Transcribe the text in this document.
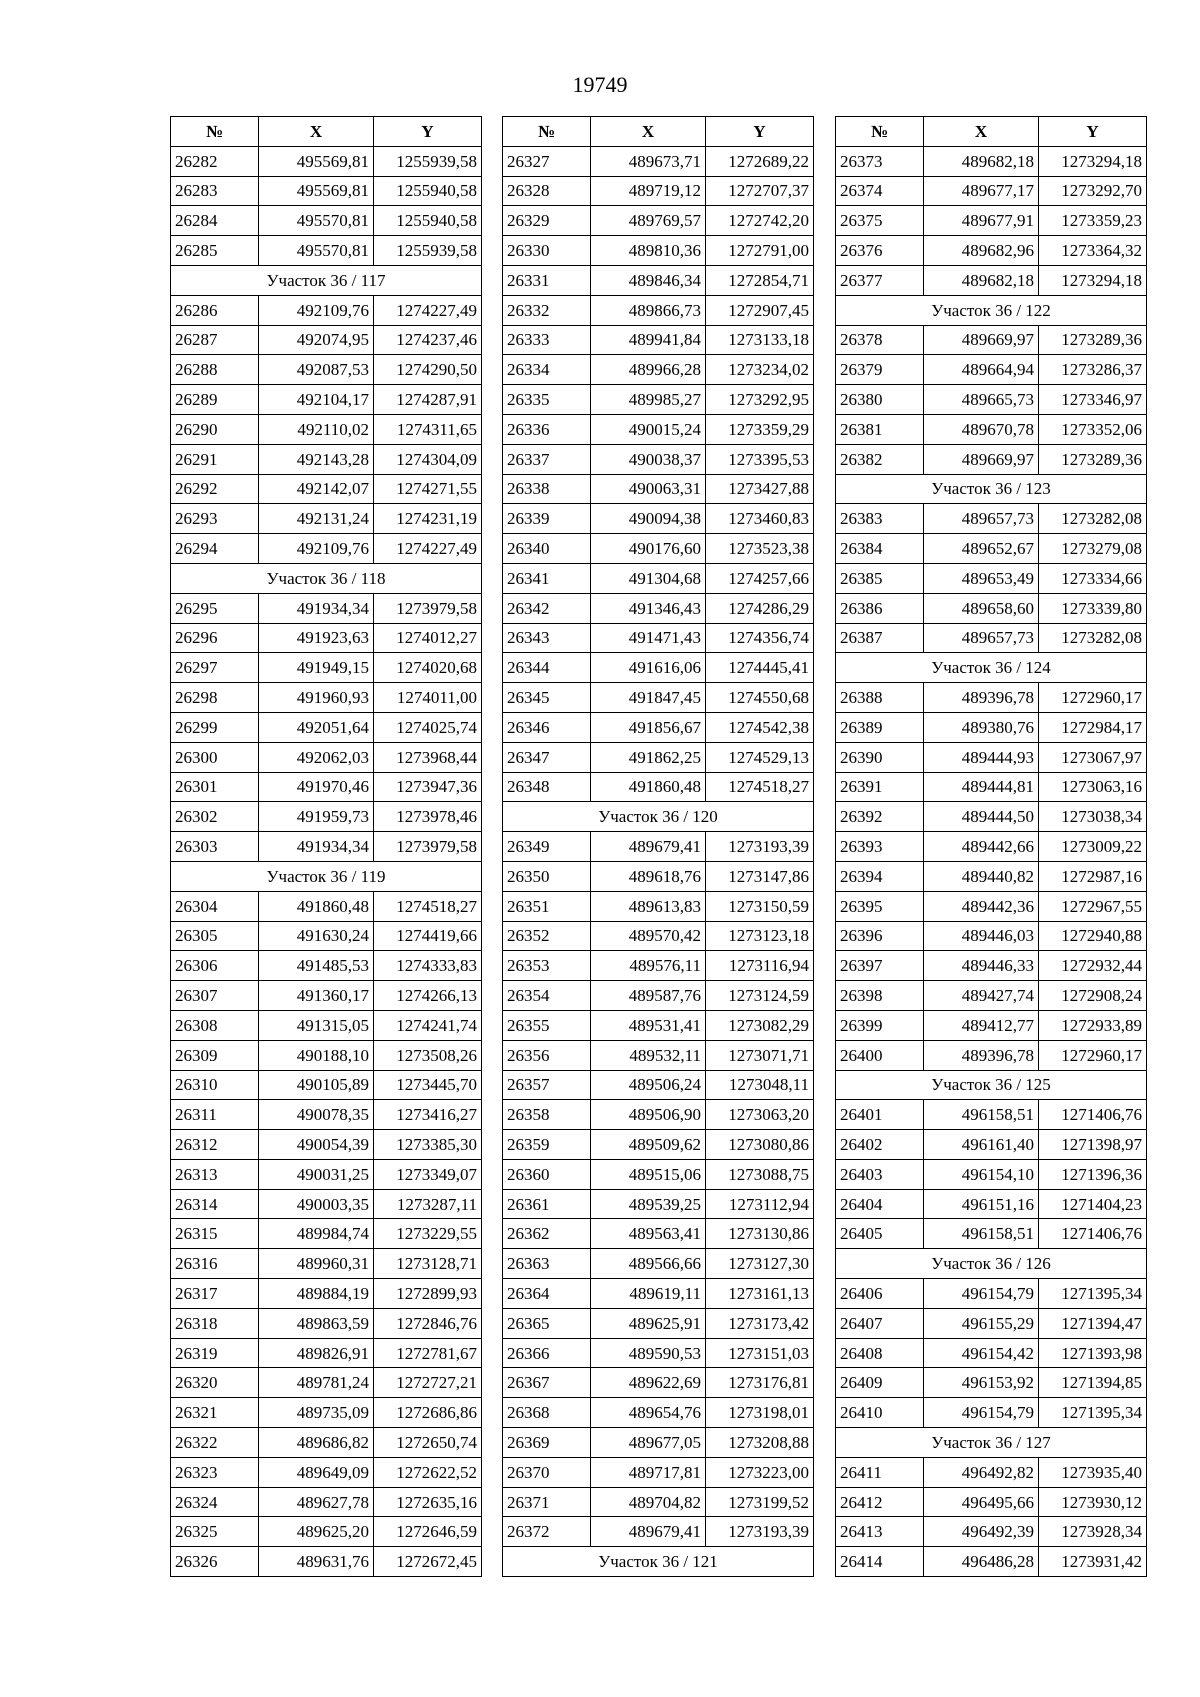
19749
№	X	Y
26282	495569,81	1255939,58
26283	495569,81	1255940,58
26284	495570,81	1255940,58
26285	495570,81	1255939,58
Участок 36 / 117		
26286	492109,76	1274227,49
26287	492074,95	1274237,46
26288	492087,53	1274290,50
26289	492104,17	1274287,91
26290	492110,02	1274311,65
26291	492143,28	1274304,09
26292	492142,07	1274271,55
26293	492131,24	1274231,19
26294	492109,76	1274227,49
Участок 36 / 118		
26295	491934,34	1273979,58
26296	491923,63	1274012,27
26297	491949,15	1274020,68
26298	491960,93	1274011,00
26299	492051,64	1274025,74
26300	492062,03	1273968,44
26301	491970,46	1273947,36
26302	491959,73	1273978,46
26303	491934,34	1273979,58
Участок 36 / 119		
26304	491860,48	1274518,27
26305	491630,24	1274419,66
26306	491485,53	1274333,83
26307	491360,17	1274266,13
26308	491315,05	1274241,74
26309	490188,10	1273508,26
26310	490105,89	1273445,70
26311	490078,35	1273416,27
26312	490054,39	1273385,30
26313	490031,25	1273349,07
26314	490003,35	1273287,11
26315	489984,74	1273229,55
26316	489960,31	1273128,71
26317	489884,19	1272899,93
26318	489863,59	1272846,76
26319	489826,91	1272781,67
26320	489781,24	1272727,21
26321	489735,09	1272686,86
26322	489686,82	1272650,74
26323	489649,09	1272622,52
26324	489627,78	1272635,16
26325	489625,20	1272646,59
26326	489631,76	1272672,45
№	X	Y
26327	489673,71	1272689,22
26328	489719,12	1272707,37
26329	489769,57	1272742,20
26330	489810,36	1272791,00
26331	489846,34	1272854,71
26332	489866,73	1272907,45
26333	489941,84	1273133,18
26334	489966,28	1273234,02
26335	489985,27	1273292,95
26336	490015,24	1273359,29
26337	490038,37	1273395,53
26338	490063,31	1273427,88
26339	490094,38	1273460,83
26340	490176,60	1273523,38
26341	491304,68	1274257,66
26342	491346,43	1274286,29
26343	491471,43	1274356,74
26344	491616,06	1274445,41
26345	491847,45	1274550,68
26346	491856,67	1274542,38
26347	491862,25	1274529,13
26348	491860,48	1274518,27
Участок 36 / 120		
26349	489679,41	1273193,39
26350	489618,76	1273147,86
26351	489613,83	1273150,59
26352	489570,42	1273123,18
26353	489576,11	1273116,94
26354	489587,76	1273124,59
26355	489531,41	1273082,29
26356	489532,11	1273071,71
26357	489506,24	1273048,11
26358	489506,90	1273063,20
26359	489509,62	1273080,86
26360	489515,06	1273088,75
26361	489539,25	1273112,94
26362	489563,41	1273130,86
26363	489566,66	1273127,30
26364	489619,11	1273161,13
26365	489625,91	1273173,42
26366	489590,53	1273151,03
26367	489622,69	1273176,81
26368	489654,76	1273198,01
26369	489677,05	1273208,88
26370	489717,81	1273223,00
26371	489704,82	1273199,52
26372	489679,41	1273193,39
Участок 36 / 121		
№	X	Y
26373	489682,18	1273294,18
26374	489677,17	1273292,70
26375	489677,91	1273359,23
26376	489682,96	1273364,32
26377	489682,18	1273294,18
Участок 36 / 122		
26378	489669,97	1273289,36
26379	489664,94	1273286,37
26380	489665,73	1273346,97
26381	489670,78	1273352,06
26382	489669,97	1273289,36
Участок 36 / 123		
26383	489657,73	1273282,08
26384	489652,67	1273279,08
26385	489653,49	1273334,66
26386	489658,60	1273339,80
26387	489657,73	1273282,08
Участок 36 / 124		
26388	489396,78	1272960,17
26389	489380,76	1272984,17
26390	489444,93	1273067,97
26391	489444,81	1273063,16
26392	489444,50	1273038,34
26393	489442,66	1273009,22
26394	489440,82	1272987,16
26395	489442,36	1272967,55
26396	489446,03	1272940,88
26397	489446,33	1272932,44
26398	489427,74	1272908,24
26399	489412,77	1272933,89
26400	489396,78	1272960,17
Участок 36 / 125		
26401	496158,51	1271406,76
26402	496161,40	1271398,97
26403	496154,10	1271396,36
26404	496151,16	1271404,23
26405	496158,51	1271406,76
Участок 36 / 126		
26406	496154,79	1271395,34
26407	496155,29	1271394,47
26408	496154,42	1271393,98
26409	496153,92	1271394,85
26410	496154,79	1271395,34
Участок 36 / 127		
26411	496492,82	1273935,40
26412	496495,66	1273930,12
26413	496492,39	1273928,34
26414	496486,28	1273931,42
